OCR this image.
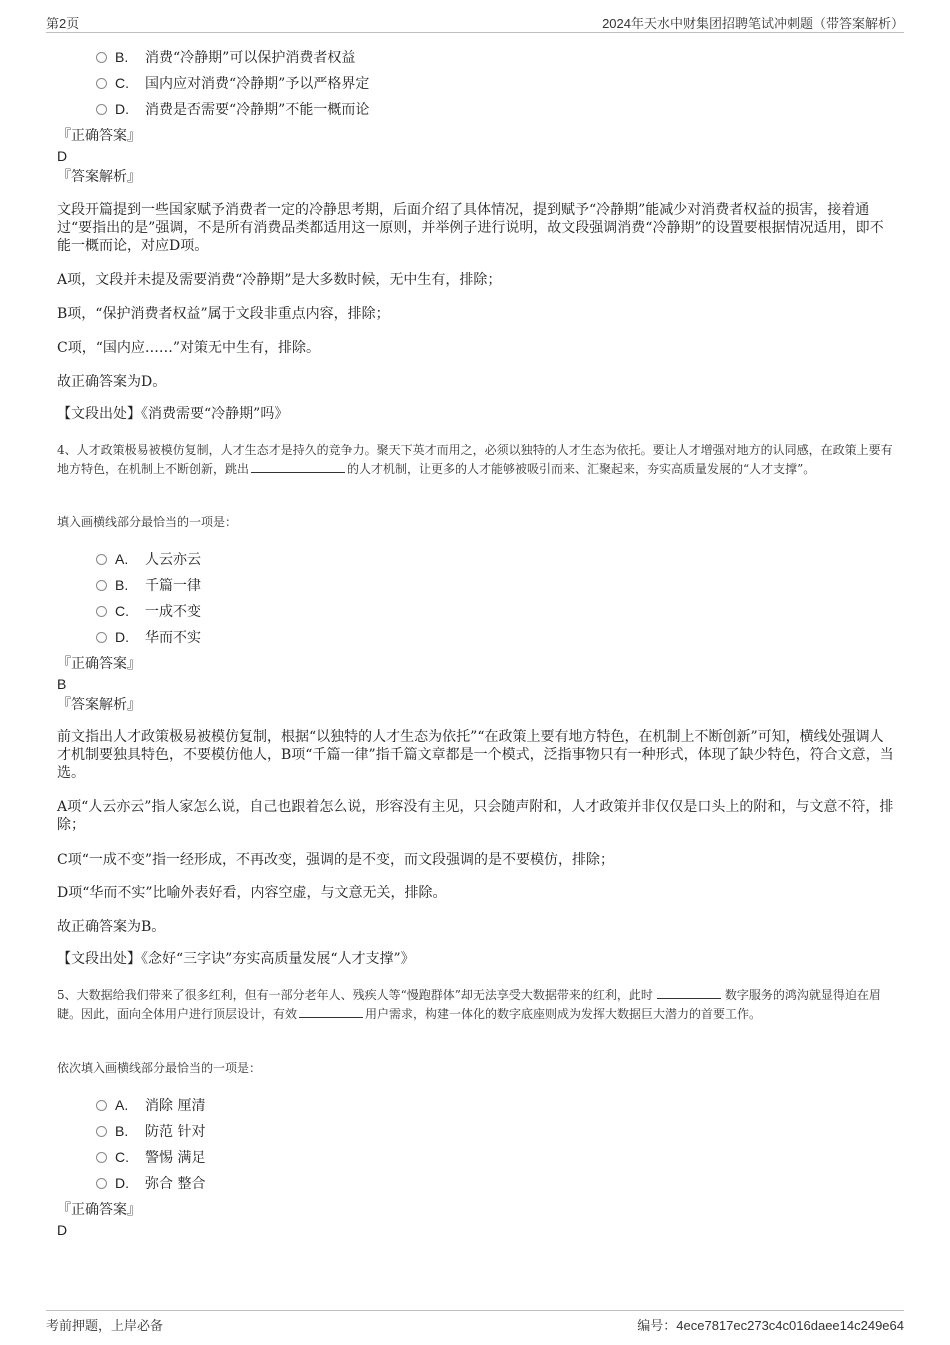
第2页	2024年天水中财集团招聘笔试冲刺题（带答案解析）
B. 消费“冷静期”可以保护消费者权益
C. 国内应对消费“冷静期”予以严格界定
D. 消费是否需要“冷静期”不能一概而论
『正确答案』
D
『答案解析』
文段开篇提到一些国家赋予消费者一定的冷静思考期，后面介绍了具体情况，提到赋予“冷静期”能减少对消费者权益的损害，接着通过“要指出的是”强调，不是所有消费品类都适用这一原则，并举例子进行说明，故文段强调消费“冷静期”的设置要根据情况适用，即不能一概而论，对应D项。
A项，文段并未提及需要消费“冷静期”是大多数时候，无中生有，排除；
B项，“保护消费者权益”属于文段非重点内容，排除；
C项，“国内应……”对策无中生有，排除。
故正确答案为D。
【文段出处】《消费需要“冷静期”吗》
4、人才政策极易被模仿复制，人才生态才是持久的竞争力。聚天下英才而用之，必须以独特的人才生态为依托。要让人才增强对地方的认同感，在政策上要有地方特色，在机制上不断创新，跳出	的人才机制，让更多的人才能够被吸引而来、汇聚起来，夯实高质量发展的“人才支撑”。
填入画横线部分最恰当的一项是：
A. 人云亦云
B. 千篇一律
C. 一成不变
D. 华而不实
『正确答案』
B
『答案解析』
前文指出人才政策极易被模仿复制，根据“以独特的人才生态为依托”“在政策上要有地方特色，在机制上不断创新”可知，横线处强调人才机制要独具特色，不要模仿他人，B项“千篇一律”指千篇文章都是一个模式，泛指事物只有一种形式，体现了缺少特色，符合文意，当选。
A项“人云亦云”指人家怎么说，自己也跟着怎么说，形容没有主见，只会随声附和，人才政策并非仅仅是口头上的附和，与文意不符，排除；
C项“一成不变”指一经形成，不再改变，强调的是不变，而文段强调的是不要模仿，排除；
D项“华而不实”比喻外表好看，内容空虚，与文意无关，排除。
故正确答案为B。
【文段出处】《念好“三字诀”夯实高质量发展“人才支撑”》
5、大数据给我们带来了很多红利，但有一部分老年人、残疾人等“慢跑群体”却无法享受大数据带来的红利，此时	数字服务的鸿沟就显得迫在眉睫。因此，面向全体用户进行顶层设计，有效	用户需求，构建一体化的数字底座则成为发挥大数据巨大潜力的首要工作。
依次填入画横线部分最恰当的一项是：
A. 消除 厘清
B. 防范 针对
C. 警惕 满足
D. 弥合 整合
『正确答案』
D
考前押题，上岸必备	编号：4ece7817ec273c4c016daee14c249e64
